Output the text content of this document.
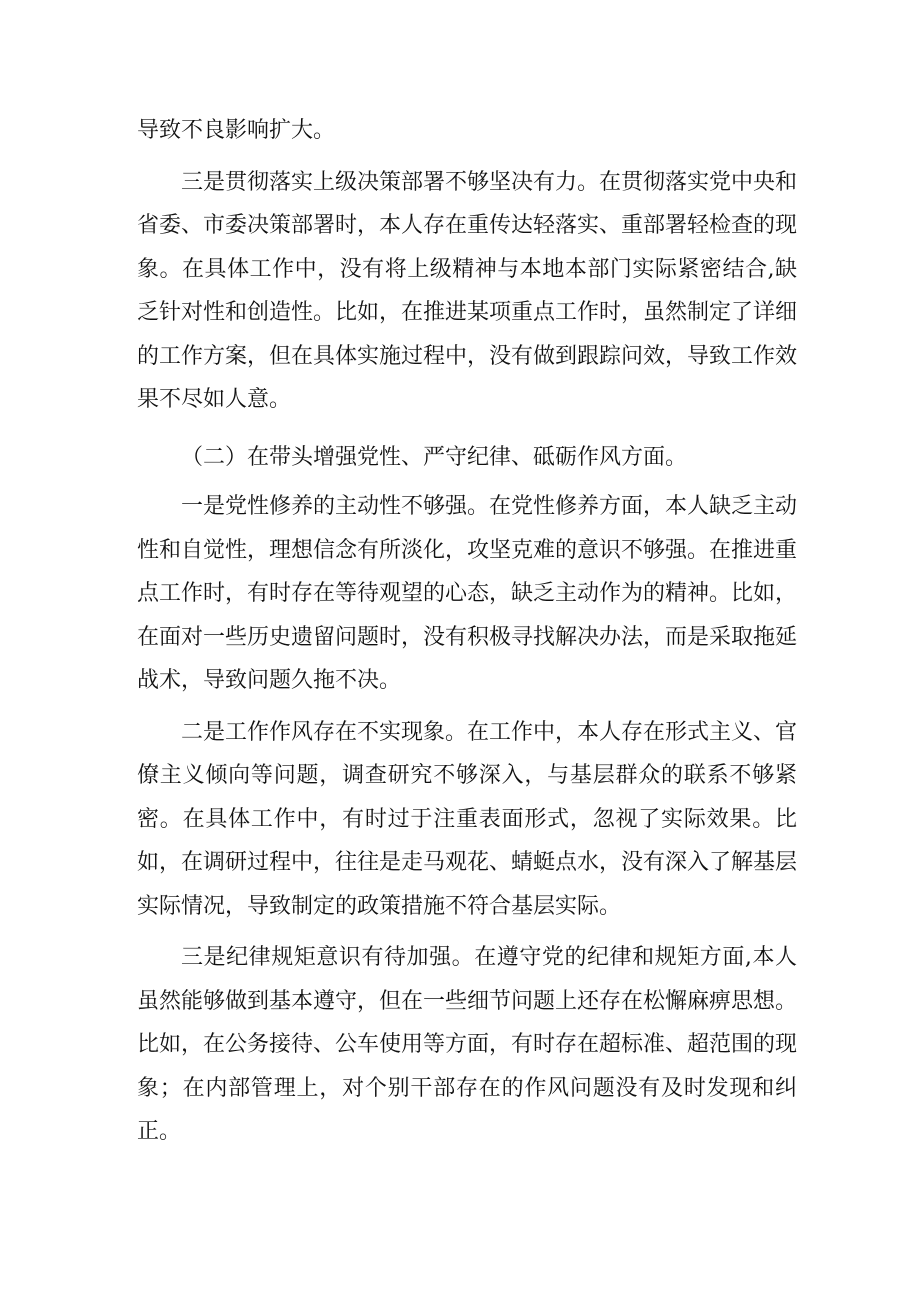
导致不良影响扩大。

三是贯彻落实上级决策部署不够坚决有力。在贯彻落实党中央和省委、市委决策部署时，本人存在重传达轻落实、重部署轻检查的现象。在具体工作中，没有将上级精神与本地本部门实际紧密结合,缺乏针对性和创造性。比如，在推进某项重点工作时，虽然制定了详细的工作方案，但在具体实施过程中，没有做到跟踪问效，导致工作效果不尽如人意。

（二）在带头增强党性、严守纪律、砥砺作风方面。

一是党性修养的主动性不够强。在党性修养方面，本人缺乏主动性和自觉性，理想信念有所淡化，攻坚克难的意识不够强。在推进重点工作时，有时存在等待观望的心态，缺乏主动作为的精神。比如，在面对一些历史遗留问题时，没有积极寻找解决办法，而是采取拖延战术，导致问题久拖不决。

二是工作作风存在不实现象。在工作中，本人存在形式主义、官僚主义倾向等问题，调查研究不够深入，与基层群众的联系不够紧密。在具体工作中，有时过于注重表面形式，忽视了实际效果。比如，在调研过程中，往往是走马观花、蜻蜓点水，没有深入了解基层实际情况，导致制定的政策措施不符合基层实际。

三是纪律规矩意识有待加强。在遵守党的纪律和规矩方面,本人虽然能够做到基本遵守，但在一些细节问题上还存在松懈麻痹思想。比如，在公务接待、公车使用等方面，有时存在超标准、超范围的现象；在内部管理上，对个别干部存在的作风问题没有及时发现和纠正。
